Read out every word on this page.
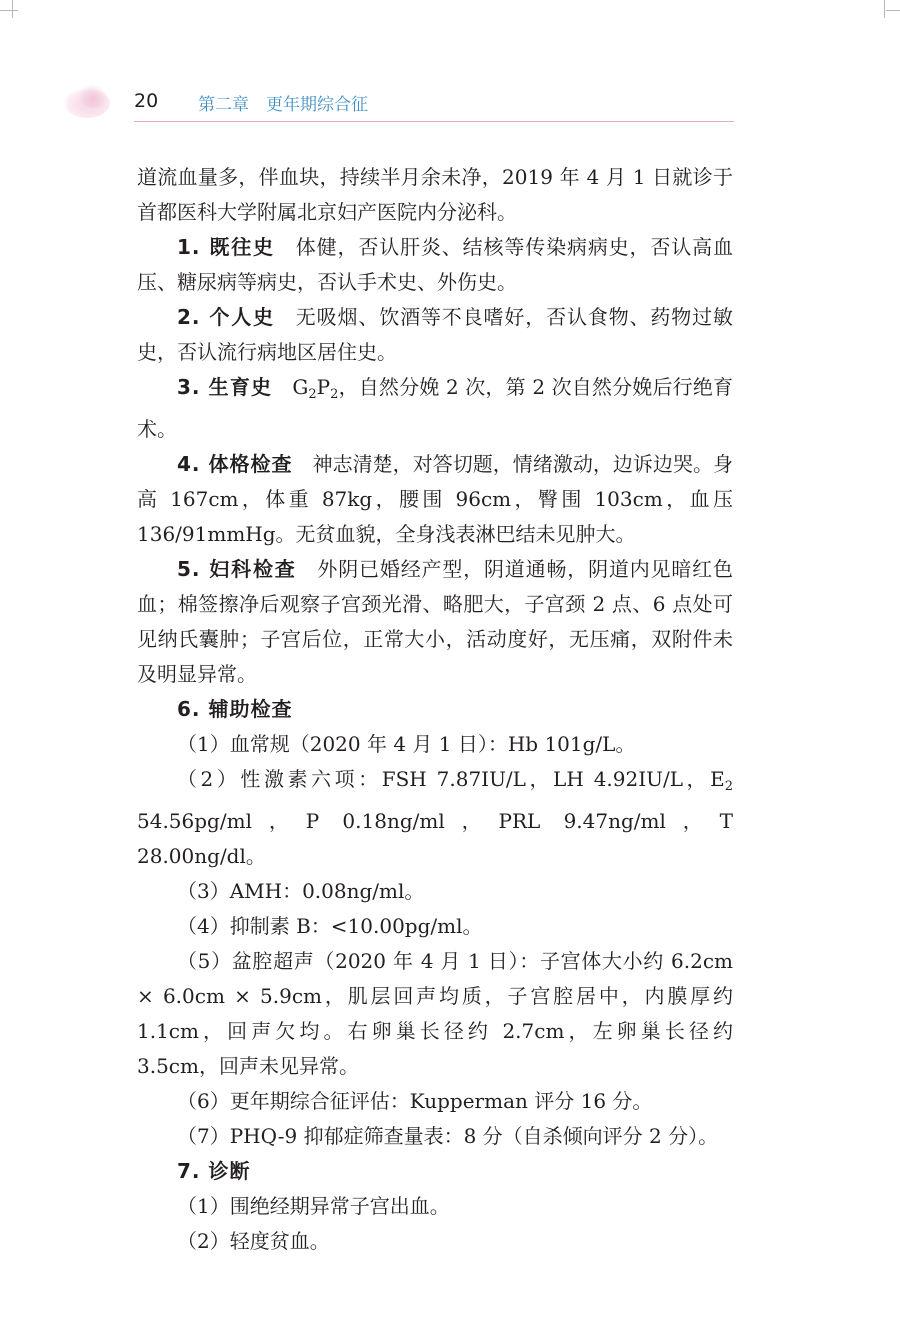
20 第二章　更年期综合征

道流血量多，伴血块，持续半月余未净，2019 年 4 月 1 日就诊于首都医科大学附属北京妇产医院内分泌科。

1. 既往史　体健，否认肝炎、结核等传染病病史，否认高血压、糖尿病等病史，否认手术史、外伤史。

2. 个人史　无吸烟、饮酒等不良嗜好，否认食物、药物过敏史，否认流行病地区居住史。

3. 生育史　 $G_2P_2$，自然分娩 2 次，第 2 次自然分娩后行绝育术。

4. 体格检查　神志清楚，对答切题，情绪激动，边诉边哭。身高 167cm，体重 87kg，腰围 96cm，臀围 103cm，血压 136/91mmHg。无贫血貌，全身浅表淋巴结未见肿大。

5. 妇科检查　外阴已婚经产型，阴道通畅，阴道内见暗红色血；棉签擦净后观察子宫颈光滑、略肥大，子宫颈 2 点、6 点处可见纳氏囊肿；子宫后位，正常大小，活动度好，无压痛，双附件未及明显异常。

6. 辅助检查

（1）血常规（2020 年 4 月 1 日）：Hb 101g/L。

（2）性激素六项：FSH 7.87IU/L，LH 4.92IU/L，$E_2$ 54.56pg/ml，P 0.18ng/ml，PRL 9.47ng/ml，T 28.00ng/dl。

（3）AMH：0.08ng/ml。

（4）抑制素 B：<10.00pg/ml。

（5）盆腔超声（2020 年 4 月 1 日）：子宫体大小约 6.2cm × 6.0cm × 5.9cm，肌层回声均质，子宫腔居中，内膜厚约 1.1cm，回声欠均。右卵巢长径约 2.7cm，左卵巢长径约 3.5cm，回声未见异常。

（6）更年期综合征评估：Kupperman 评分 16 分。

（7）PHQ-9 抑郁症筛查量表：8 分（自杀倾向评分 2 分）。

7. 诊断

（1）围绝经期异常子宫出血。

（2）轻度贫血。
